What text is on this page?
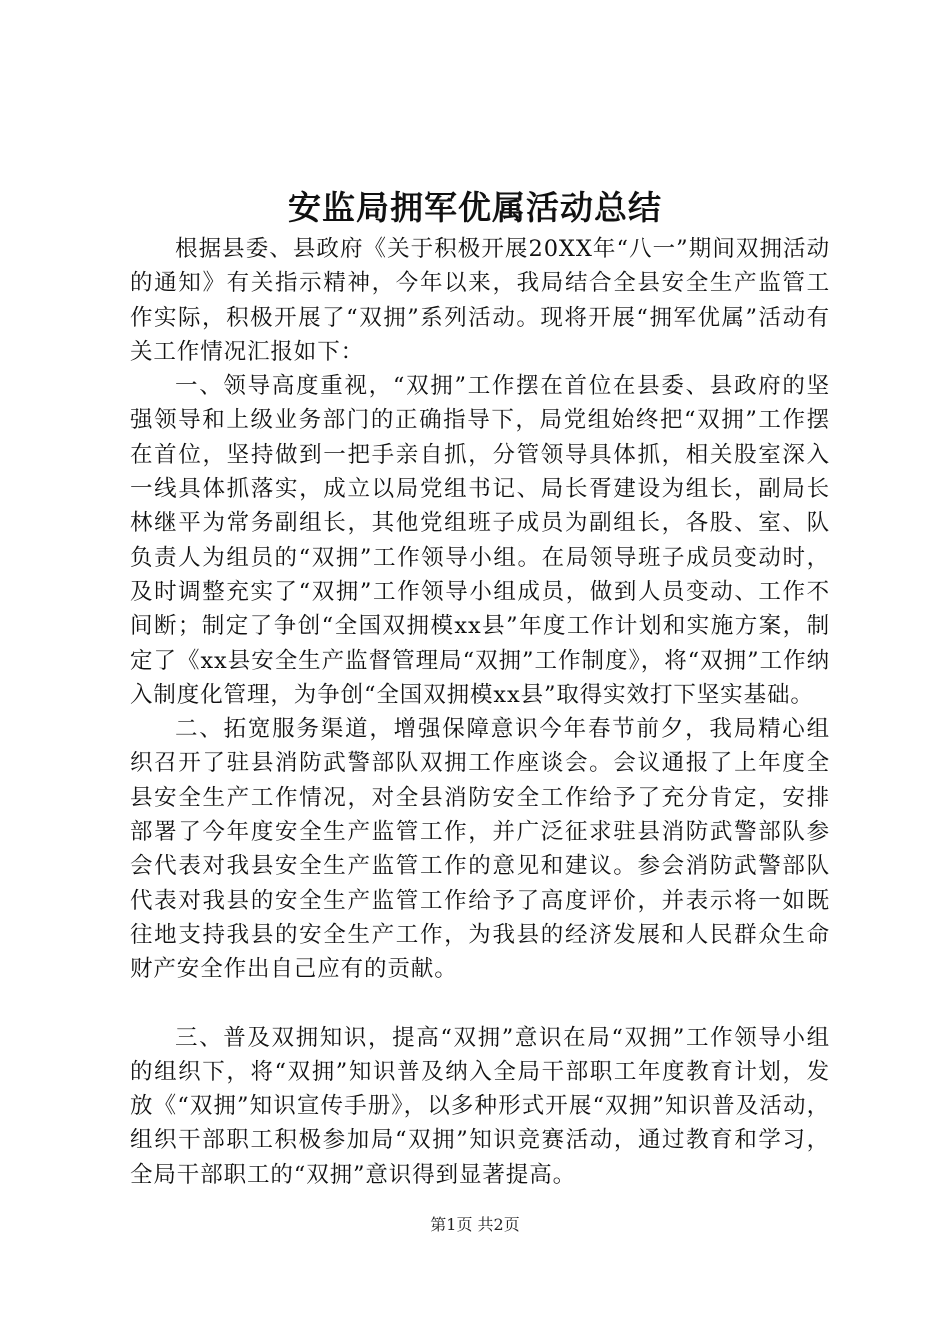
安监局拥军优属活动总结

根据县委、县政府《关于积极开展20XX年“八一”期间双拥活动的通知》有关指示精神，今年以来，我局结合全县安全生产监管工作实际，积极开展了“双拥”系列活动。现将开展“拥军优属”活动有关工作情况汇报如下：

一、领导高度重视，“双拥”工作摆在首位在县委、县政府的坚强领导和上级业务部门的正确指导下，局党组始终把“双拥”工作摆在首位，坚持做到一把手亲自抓，分管领导具体抓，相关股室深入一线具体抓落实，成立以局党组书记、局长胥建设为组长，副局长林继平为常务副组长，其他党组班子成员为副组长，各股、室、队负责人为组员的“双拥”工作领导小组。在局领导班子成员变动时，及时调整充实了“双拥”工作领导小组成员，做到人员变动、工作不间断；制定了争创“全国双拥模xx县”年度工作计划和实施方案，制定了《xx县安全生产监督管理局“双拥”工作制度》，将“双拥”工作纳入制度化管理，为争创“全国双拥模xx县”取得实效打下坚实基础。

二、拓宽服务渠道，增强保障意识今年春节前夕，我局精心组织召开了驻县消防武警部队双拥工作座谈会。会议通报了上年度全县安全生产工作情况，对全县消防安全工作给予了充分肯定，安排部署了今年度安全生产监管工作，并广泛征求驻县消防武警部队参会代表对我县安全生产监管工作的意见和建议。参会消防武警部队代表对我县的安全生产监管工作给予了高度评价，并表示将一如既往地支持我县的安全生产工作，为我县的经济发展和人民群众生命财产安全作出自己应有的贡献。

三、普及双拥知识，提高“双拥”意识在局“双拥”工作领导小组的组织下，将“双拥”知识普及纳入全局干部职工年度教育计划，发放《“双拥”知识宣传手册》，以多种形式开展“双拥”知识普及活动，组织干部职工积极参加局“双拥”知识竞赛活动，通过教育和学习，全局干部职工的“双拥”意识得到显著提高。

第1页 共2页
